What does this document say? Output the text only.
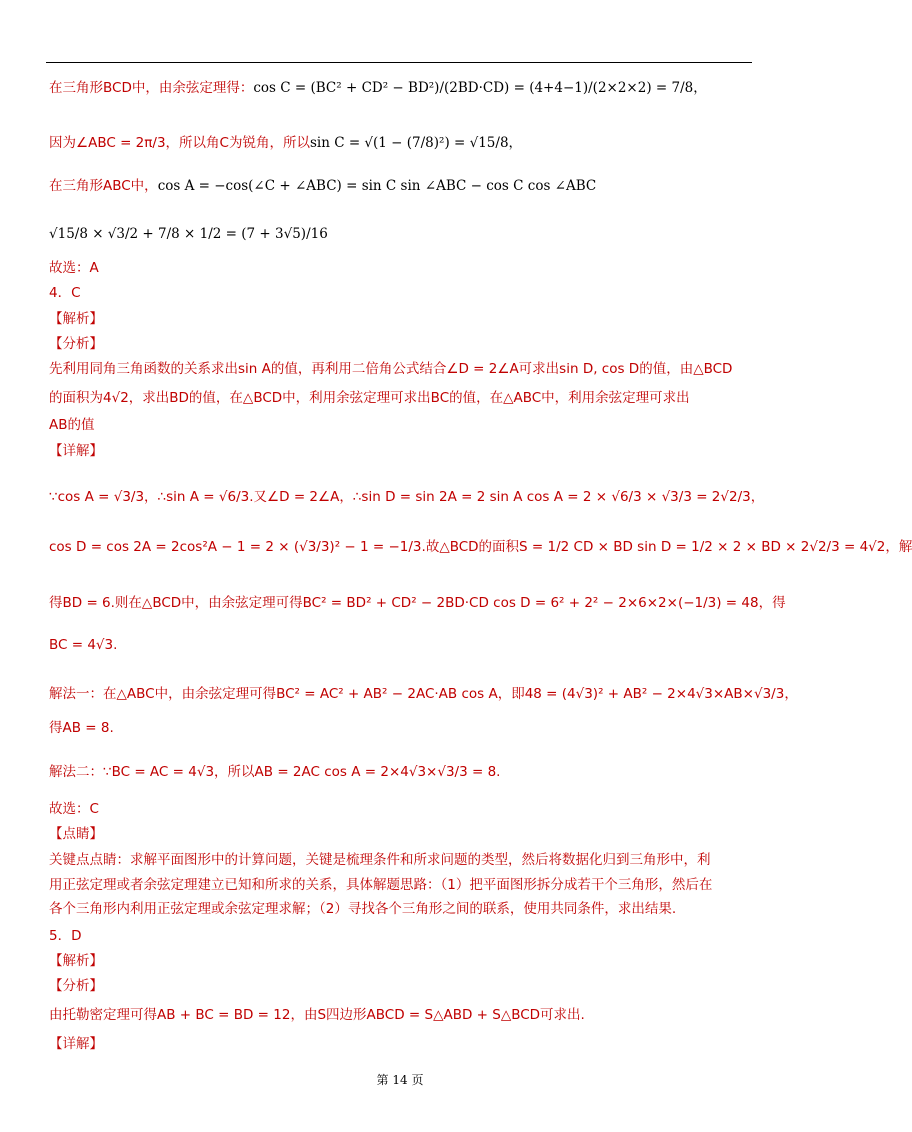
在三角形BCD中，由余弦定理得：cos C = (BC² + CD² − BD²)/(2BD·CD) = (4+4−1)/(2×2×2) = 7/8，
因为∠ABC = 2π/3，所以角C为锐角，所以sin C = √(1 − (7/8)²) = √15/8，
在三角形ABC中，cos A = −cos(∠C + ∠ABC) = sin C sin ∠ABC − cos C cos ∠ABC
√15/8 × √3/2 + 7/8 × 1/2 = (7 + 3√5)/16
故选：A
4．C
【解析】
【分析】
先利用同角三角函数的关系求出sin A的值，再利用二倍角公式结合∠D = 2∠A可求出sin D, cos D的值，由△BCD
的面积为4√2，求出BD的值，在△BCD中，利用余弦定理可求出BC的值，在△ABC中，利用余弦定理可求出
AB的值
【详解】
∵cos A = √3/3，∴sin A = √6/3.又∠D = 2∠A，∴sin D = sin 2A = 2 sin A cos A = 2 × √6/3 × √3/3 = 2√2/3，
cos D = cos 2A = 2cos²A − 1 = 2 × (√3/3)² − 1 = −1/3.故△BCD的面积S = 1/2 CD × BD sin D = 1/2 × 2 × BD × 2√2/3 = 4√2，解
得BD = 6.则在△BCD中，由余弦定理可得BC² = BD² + CD² − 2BD·CD cos D = 6² + 2² − 2×6×2×(−1/3) = 48，得
BC = 4√3.
解法一：在△ABC中，由余弦定理可得BC² = AC² + AB² − 2AC·AB cos A，即48 = (4√3)² + AB² − 2×4√3×AB×√3/3，
得AB = 8.
解法二：∵BC = AC = 4√3，所以AB = 2AC cos A = 2×4√3×√3/3 = 8.
故选：C
【点睛】
关键点点睛：求解平面图形中的计算问题，关键是梳理条件和所求问题的类型，然后将数据化归到三角形中，利
用正弦定理或者余弦定理建立已知和所求的关系，具体解题思路：（1）把平面图形拆分成若干个三角形，然后在
各个三角形内利用正弦定理或余弦定理求解；（2）寻找各个三角形之间的联系，使用共同条件，求出结果.
5．D
【解析】
【分析】
由托勒密定理可得AB + BC = BD = 12，由S四边形ABCD = S△ABD + S△BCD可求出.
【详解】
第 14 页
